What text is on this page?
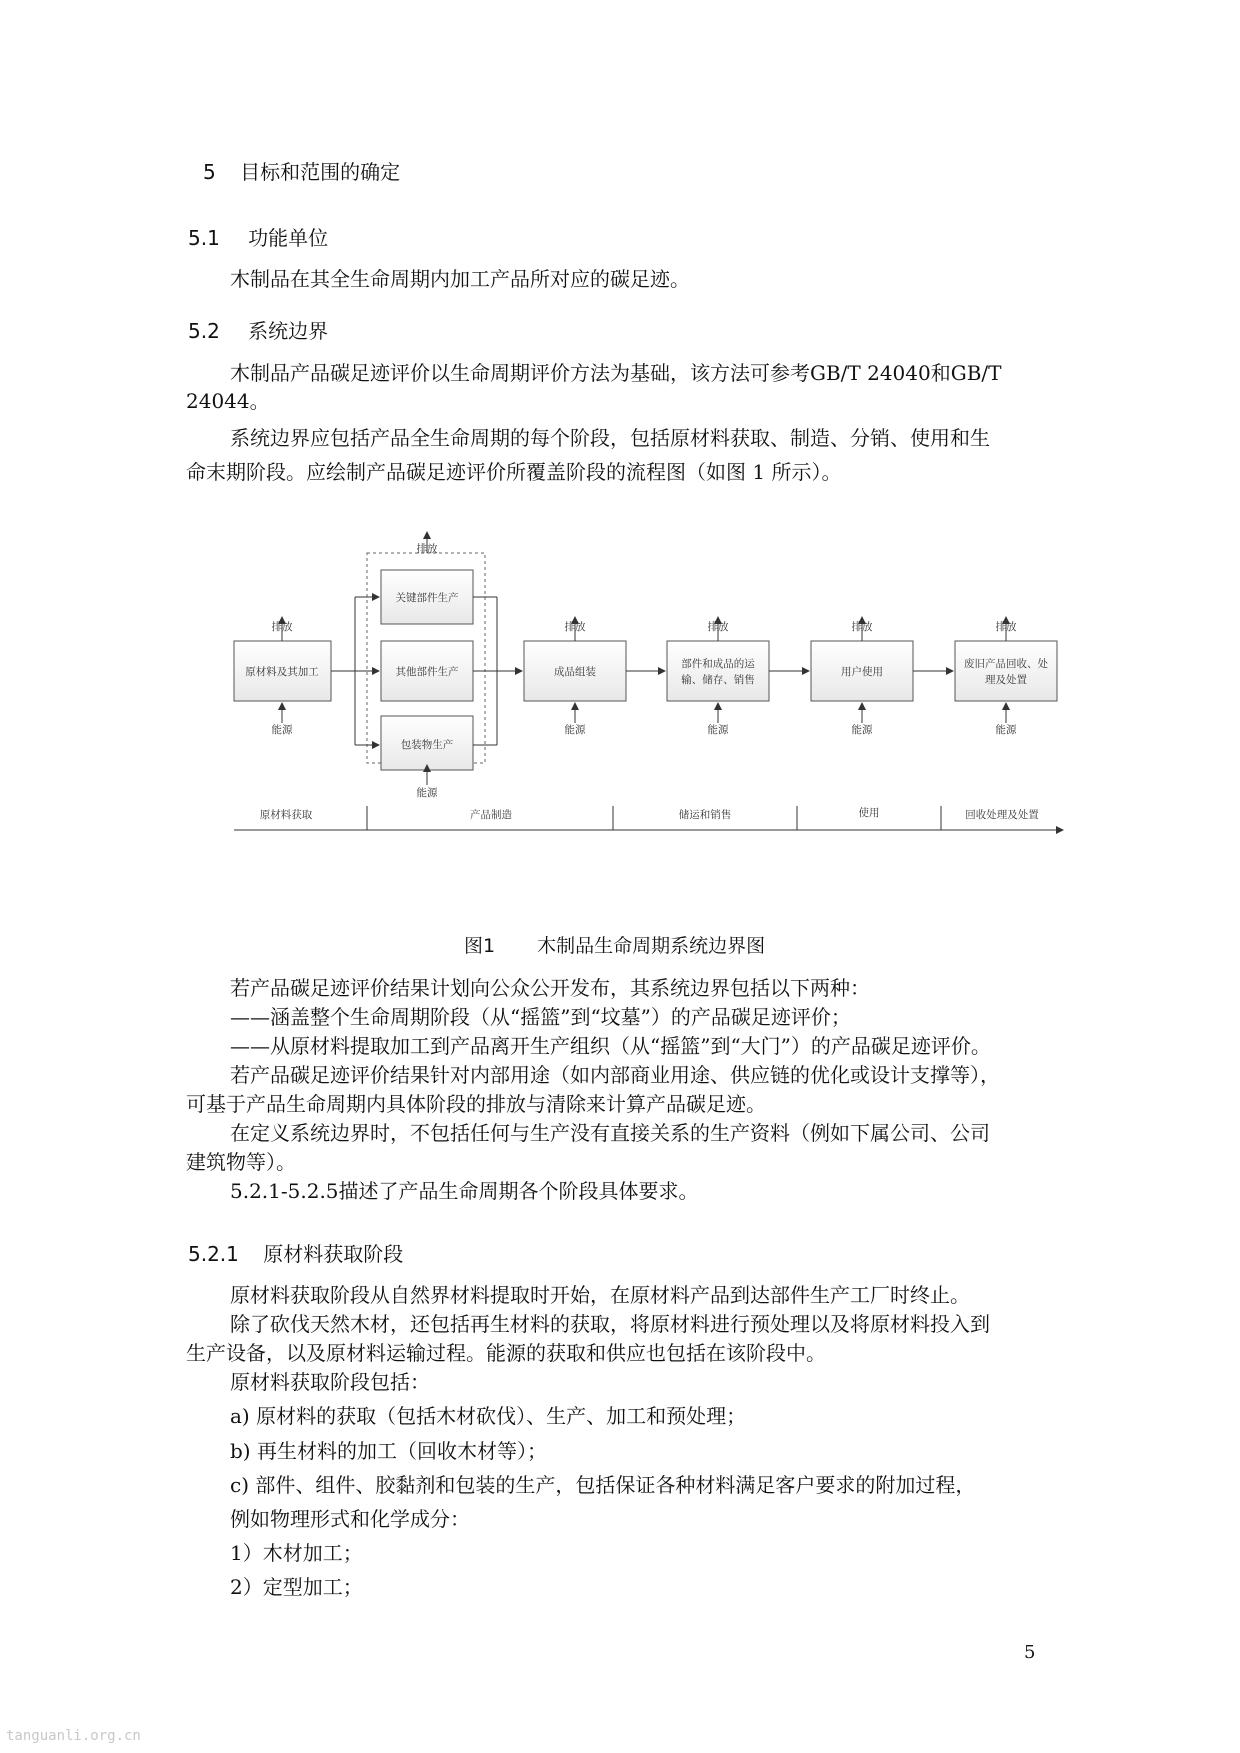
5 目标和范围的确定
5.1 功能单位
木制品在其全生命周期内加工产品所对应的碳足迹。
5.2 系统边界
木制品产品碳足迹评价以生命周期评价方法为基础，该方法可参考GB/T 24040和GB/T
24044。
系统边界应包括产品全生命周期的每个阶段，包括原材料获取、制造、分销、使用和生
命末期阶段。应绘制产品碳足迹评价所覆盖阶段的流程图（如图 1 所示）。
原材料及其加工
关键部件生产
其他部件生产
包装物生产
成品组装
部件和成品的运
输、储存、销售
用户使用
废旧产品回收、处
理及处置
排放	排放	排放	排放	排放
排放
能源	能源	能源	能源	能源
能源
原材料获取	产品制造	储运和销售	使用	回收处理及处置
图1 木制品生命周期系统边界图
若产品碳足迹评价结果计划向公众公开发布，其系统边界包括以下两种：
——涵盖整个生命周期阶段（从“摇篮”到“坟墓”）的产品碳足迹评价；
——从原材料提取加工到产品离开生产组织（从“摇篮”到“大门”）的产品碳足迹评价。
若产品碳足迹评价结果针对内部用途（如内部商业用途、供应链的优化或设计支撑等），
可基于产品生命周期内具体阶段的排放与清除来计算产品碳足迹。
在定义系统边界时，不包括任何与生产没有直接关系的生产资料（例如下属公司、公司
建筑物等）。
5.2.1-5.2.5描述了产品生命周期各个阶段具体要求。
5.2.1 原材料获取阶段
原材料获取阶段从自然界材料提取时开始，在原材料产品到达部件生产工厂时终止。
除了砍伐天然木材，还包括再生材料的获取，将原材料进行预处理以及将原材料投入到
生产设备，以及原材料运输过程。能源的获取和供应也包括在该阶段中。
原材料获取阶段包括：
a) 原材料的获取（包括木材砍伐）、生产、加工和预处理；
b) 再生材料的加工（回收木材等）；
c) 部件、组件、胶黏剂和包装的生产，包括保证各种材料满足客户要求的附加过程，
例如物理形式和化学成分：
1）木材加工；
2）定型加工；
5
tanguanli.org.cn
